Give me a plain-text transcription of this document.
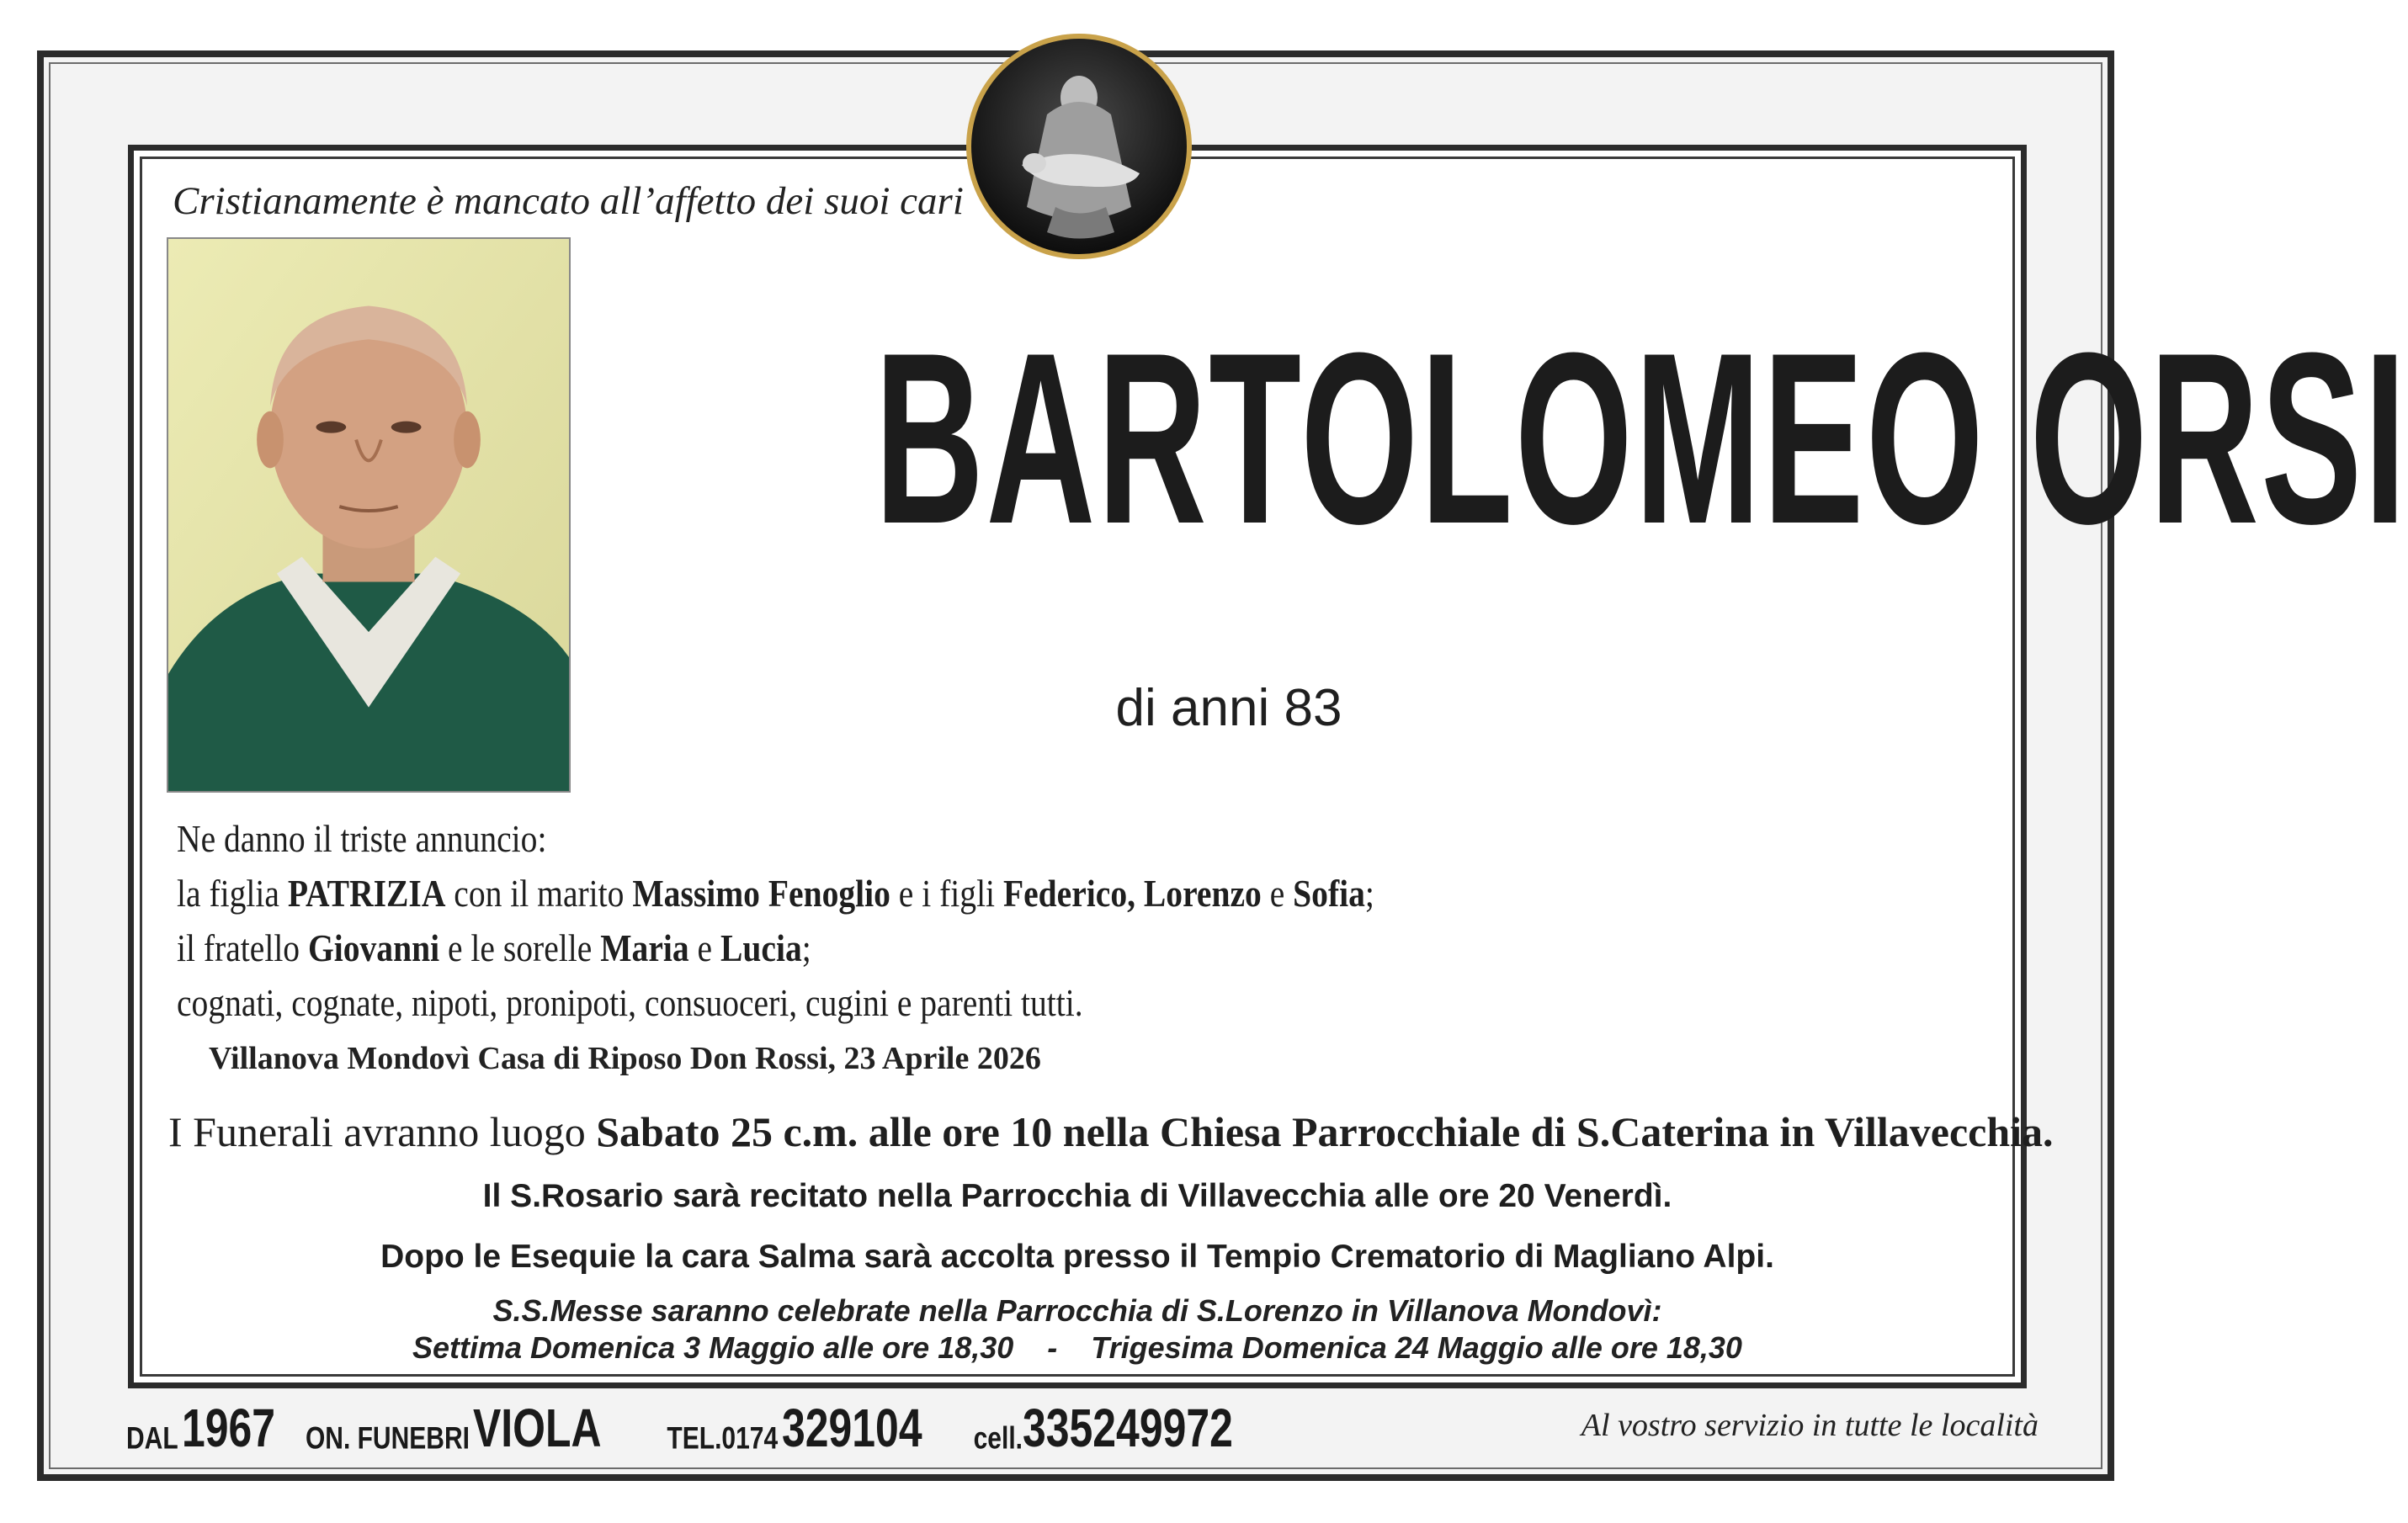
Cristianamente è mancato all’affetto dei suoi cari
BARTOLOMEO ORSI
di anni 83
Ne danno il triste annuncio:
la figlia PATRIZIA con il marito Massimo Fenoglio e i figli Federico, Lorenzo e Sofia;
il fratello Giovanni e le sorelle Maria e Lucia;
cognati, cognate, nipoti, pronipoti, consuoceri, cugini e parenti tutti.
Villanova Mondovì Casa di Riposo Don Rossi, 23 Aprile 2026
I Funerali avranno luogo Sabato 25 c.m. alle ore 10 nella Chiesa Parrocchiale di S.Caterina in Villavecchia.
Il S.Rosario sarà recitato nella Parrocchia di Villavecchia alle ore 20 Venerdì.
Dopo le Esequie la cara Salma sarà accolta presso il Tempio Crematorio di Magliano Alpi.
S.S.Messe saranno celebrate nella Parrocchia di S.Lorenzo in Villanova Mondovì:
Settima Domenica 3 Maggio alle ore 18,30    -    Trigesima Domenica 24 Maggio alle ore 18,30
DAL 1967 ON. FUNEBRI VIOLA	TEL.0174 329104 cell.335249972	Al vostro servizio in tutte le località
